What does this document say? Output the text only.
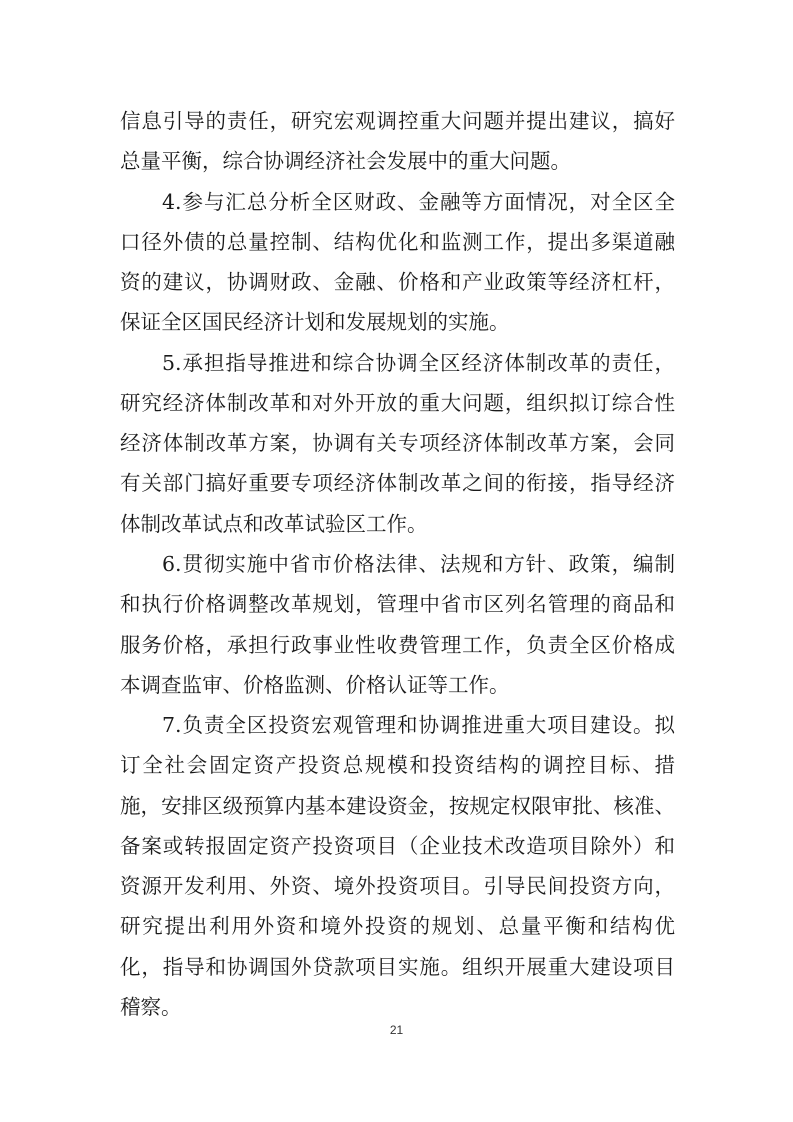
信息引导的责任，研究宏观调控重大问题并提出建议，搞好
总量平衡，综合协调经济社会发展中的重大问题。
4.参与汇总分析全区财政、金融等方面情况，对全区全
口径外债的总量控制、结构优化和监测工作，提出多渠道融
资的建议，协调财政、金融、价格和产业政策等经济杠杆，
保证全区国民经济计划和发展规划的实施。
5.承担指导推进和综合协调全区经济体制改革的责任，
研究经济体制改革和对外开放的重大问题，组织拟订综合性
经济体制改革方案，协调有关专项经济体制改革方案，会同
有关部门搞好重要专项经济体制改革之间的衔接，指导经济
体制改革试点和改革试验区工作。
6.贯彻实施中省市价格法律、法规和方针、政策，编制
和执行价格调整改革规划，管理中省市区列名管理的商品和
服务价格，承担行政事业性收费管理工作，负责全区价格成
本调查监审、价格监测、价格认证等工作。
7.负责全区投资宏观管理和协调推进重大项目建设。拟
订全社会固定资产投资总规模和投资结构的调控目标、措
施，安排区级预算内基本建设资金，按规定权限审批、核准、
备案或转报固定资产投资项目（企业技术改造项目除外）和
资源开发利用、外资、境外投资项目。引导民间投资方向，
研究提出利用外资和境外投资的规划、总量平衡和结构优
化，指导和协调国外贷款项目实施。组织开展重大建设项目
稽察。
21
